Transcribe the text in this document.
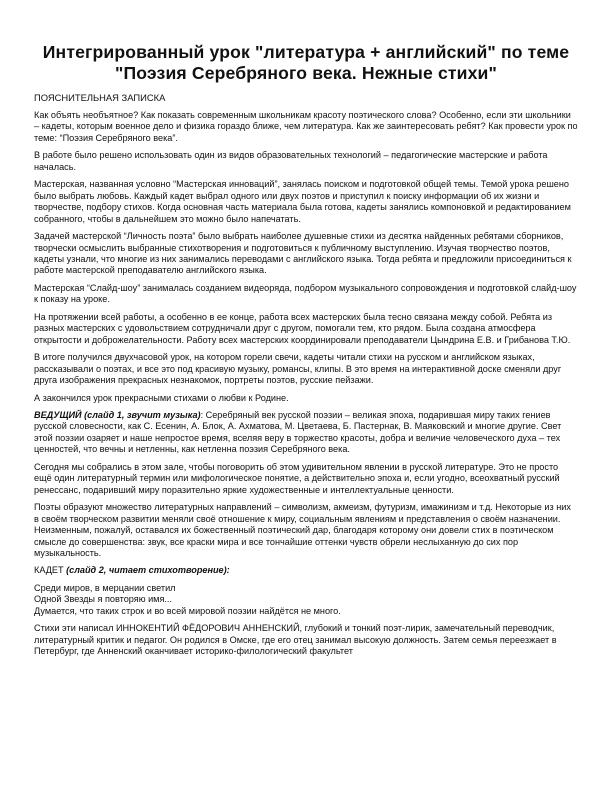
Интегрированный урок "литература + английский" по теме "Поэзия Серебряного века. Нежные стихи"
ПОЯСНИТЕЛЬНАЯ ЗАПИСКА

Как объять необъятное? Как показать современным школьникам красоту поэтического слова? Особенно, если эти школьники – кадеты, которым военное дело и физика гораздо ближе, чем литература. Как же заинтересовать ребят? Как провести урок по теме: “Поэзия Серебряного века”.

В работе было решено использовать один из видов образовательных технологий – педагогические мастерские и работа началась.

Мастерская, названная условно “Мастерская инноваций”, занялась поиском и подготовкой общей темы. Темой урока решено было выбрать любовь. Каждый кадет выбрал одного или двух поэтов и приступил к поиску информации об их жизни и творчестве, подбору стихов. Когда основная часть материала была готова, кадеты занялись компоновкой и редактированием собранного, чтобы в дальнейшем это можно было напечатать.

Задачей мастерской “Личность поэта” было выбрать наиболее душевные стихи из десятка найденных ребятами сборников, творчески осмыслить выбранные стихотворения и подготовиться к публичному выступлению. Изучая творчество поэтов, кадеты узнали, что многие из них занимались переводами с английского языка. Тогда ребята и предложили присоединиться к работе мастерской преподавателю английского языка.

Мастерская “Слайд-шоу” занималась созданием видеоряда, подбором музыкального сопровождения и подготовкой слайд-шоу к показу на уроке.

На протяжении всей работы, а особенно в ее конце, работа всех мастерских была тесно связана между собой. Ребята из разных мастерских с удовольствием сотрудничали друг с другом, помогали тем, кто рядом. Была создана атмосфера открытости и доброжелательности. Работу всех мастерских координировали преподаватели Цындрина Е.В. и Грибанова Т.Ю.

В итоге получился двухчасовой урок, на котором горели свечи, кадеты читали стихи на русском и английском языках, рассказывали о поэтах, и все это под красивую музыку, романсы, клипы. В это время на интерактивной доске сменяли друг друга изображения прекрасных незнакомок, портреты поэтов, русские пейзажи.

А закончился урок прекрасными стихами о любви к Родине.

ВЕДУЩИЙ (слайд 1, звучит музыка): Серебряный век русской поэзии – великая эпоха, подарившая миру таких гениев русской словесности, как С. Есенин, А. Блок, А. Ахматова, М. Цветаева, Б. Пастернак, В. Маяковский и многие другие. Свет этой поэзии озаряет и наше непростое время, вселяя веру в торжество красоты, добра и величие человеческого духа – тех ценностей, что вечны и нетленны, как нетленна поэзия Серебряного века.

Сегодня мы собрались в этом зале, чтобы поговорить об этом удивительном явлении в русской литературе. Это не просто ещё один литературный термин или мифологическое понятие, а действительно эпоха и, если угодно, всеохватный русский ренессанс, подаривший миру поразительно яркие художественные и интеллектуальные ценности.

Поэты образуют множество литературных направлений – символизм, акмеизм, футуризм, имажинизм и т.д. Некоторые из них в своём творческом развитии меняли своё отношение к миру, социальным явлениям и представления о своём назначении. Неизменным, пожалуй, оставался их божественный поэтический дар, благодаря которому они довели стих в поэтическом смысле до совершенства: звук, все краски мира и все тончайшие оттенки чувств обрели неслыханную до сих пор музыкальность.

КАДЕТ (слайд 2, читает стихотворение):

Среди миров, в мерцании светил
Одной Звезды я повторяю имя...
Думается, что таких строк и во всей мировой поэзии найдётся не много.

Стихи эти написал ИННОКЕНТИЙ ФЁДОРОВИЧ АННЕНСКИЙ, глубокий и тонкий поэт-лирик, замечательный переводчик, литературный критик и педагог. Он родился в Омске, где его отец занимал высокую должность. Затем семья переезжает в Петербург, где Анненский оканчивает историко-филологический факультет
